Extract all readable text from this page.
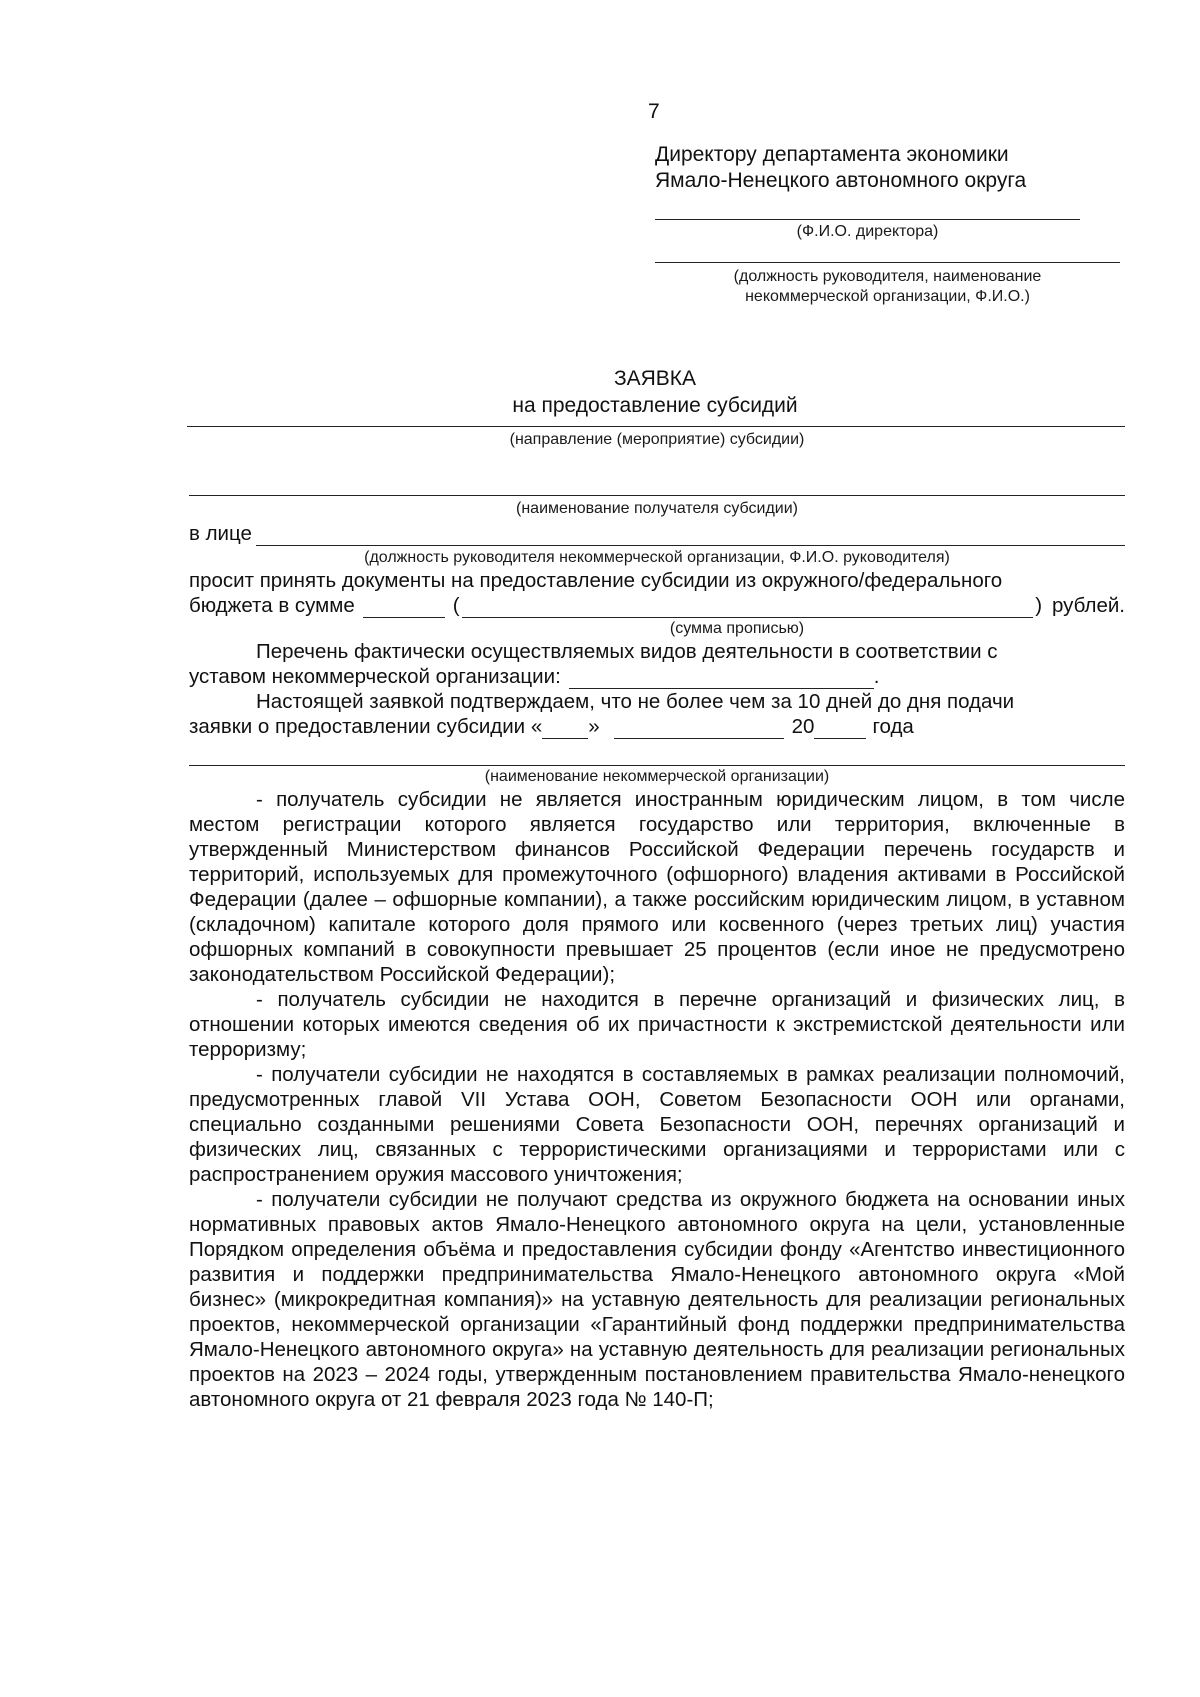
7
Директору департамента экономики
Ямало-Ненецкого автономного округа
(Ф.И.О. директора)
(должность руководителя, наименование
некоммерческой организации, Ф.И.О.)
ЗАЯВКА
на предоставление субсидий
(направление (мероприятие) субсидии)
(наименование получателя субсидии)
в лице
(должность руководителя некоммерческой организации, Ф.И.О. руководителя)

просит принять документы на предоставление субсидии из окружного/федерального

бюджета в сумме	(	) рублей.
(сумма прописью)

Перечень фактически осуществляемых видов деятельности в соответствии с

уставом некоммерческой организации:	.

Настоящей заявкой подтверждаем, что не более чем за 10 дней до дня подачи

заявки о предоставлении субсидии « »	20	года
(наименование некоммерческой организации)

- получатель субсидии не является иностранным юридическим лицом, в том числе местом регистрации которого является государство или территория, включенные в утвержденный Министерством финансов Российской Федерации перечень государств и территорий, используемых для промежуточного (офшорного) владения активами в Российской Федерации (далее – офшорные компании), а также российским юридическим лицом, в уставном (складочном) капитале которого доля прямого или косвенного (через третьих лиц) участия офшорных компаний в совокупности превышает 25 процентов (если иное не предусмотрено законодательством Российской Федерации);

- получатель субсидии не находится в перечне организаций и физических лиц, в отношении которых имеются сведения об их причастности к экстремистской деятельности или терроризму;

- получатели субсидии не находятся в составляемых в рамках реализации полномочий, предусмотренных главой VII Устава ООН, Советом Безопасности ООН или органами, специально созданными решениями Совета Безопасности ООН, перечнях организаций и физических лиц, связанных с террористическими организациями и террористами или с распространением оружия массового уничтожения;

- получатели субсидии не получают средства из окружного бюджета на основании иных нормативных правовых актов Ямало-Ненецкого автономного округа на цели, установленные Порядком определения объёма и предоставления субсидии фонду «Агентство инвестиционного развития и поддержки предпринимательства Ямало-Ненецкого автономного округа «Мой бизнес» (микрокредитная компания)» на уставную деятельность для реализации региональных проектов, некоммерческой организации «Гарантийный фонд поддержки предпринимательства Ямало-Ненецкого автономного округа» на уставную деятельность для реализации региональных проектов на 2023 – 2024 годы, утвержденным постановлением правительства Ямало-ненецкого автономного округа от 21 февраля 2023 года № 140-П;
